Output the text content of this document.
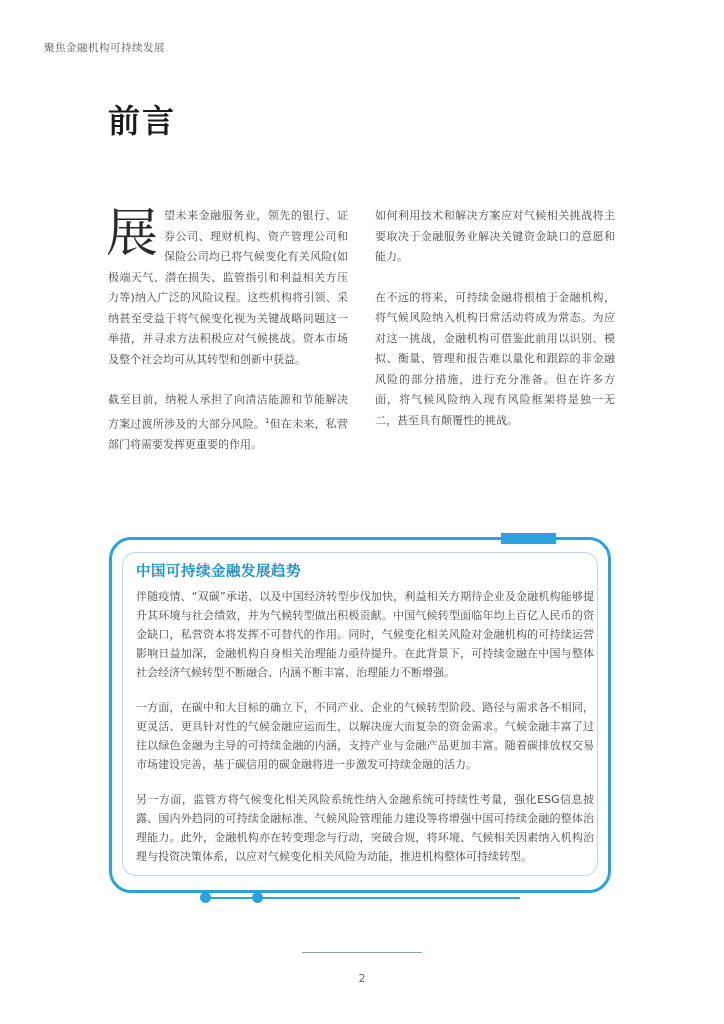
聚焦金融机构可持续发展
前言

展望未来金融服务业，领先的银行、证券公司、理财机构、资产管理公司和保险公司均已将气候变化有关风险(如极端天气、潜在损失、监管指引和利益相关方压力等)纳入广泛的风险议程。这些机构将引领、采纳甚至受益于将气候变化视为关键战略问题这一举措，并寻求方法积极应对气候挑战。资本市场及整个社会均可从其转型和创新中获益。

截至目前，纳税人承担了向清洁能源和节能解决方案过渡所涉及的大部分风险。$^1$但在未来，私营部门将需要发挥更重要的作用。

如何利用技术和解决方案应对气候相关挑战将主要取决于金融服务业解决关键资金缺口的意愿和能力。

在不远的将来，可持续金融将根植于金融机构，将气候风险纳入机构日常活动将成为常态。为应对这一挑战，金融机构可借鉴此前用以识别、模拟、衡量、管理和报告难以量化和跟踪的非金融风险的部分措施，进行充分准备。但在许多方面，将气候风险纳入现有风险框架将是独一无二，甚至具有颠覆性的挑战。

中国可持续金融发展趋势

伴随疫情、“双碳”承诺、以及中国经济转型步伐加快，利益相关方期待企业及金融机构能够提升其环境与社会绩效，并为气候转型做出积极贡献。中国气候转型面临年均上百亿人民币的资金缺口，私营资本将发挥不可替代的作用。同时，气候变化相关风险对金融机构的可持续运营影响日益加深，金融机构自身相关治理能力亟待提升。在此背景下，可持续金融在中国与整体社会经济气候转型不断融合、内涵不断丰富、治理能力不断增强。

一方面，在碳中和大目标的确立下，不同产业、企业的气候转型阶段、路径与需求各不相同，更灵活、更具针对性的气候金融应运而生，以解决庞大而复杂的资金需求。气候金融丰富了过往以绿色金融为主导的可持续金融的内涵，支持产业与金融产品更加丰富。随着碳排放权交易市场建设完善，基于碳信用的碳金融将进一步激发可持续金融的活力。

另一方面，监管方将气候变化相关风险系统性纳入金融系统可持续性考量，强化ESG信息披露、国内外趋同的可持续金融标准、气候风险管理能力建设等将增强中国可持续金融的整体治理能力。此外，金融机构亦在转变理念与行动，突破合规，将环境、气候相关因素纳入机构治理与投资决策体系，以应对气候变化相关风险为动能，推进机构整体可持续转型。

2
